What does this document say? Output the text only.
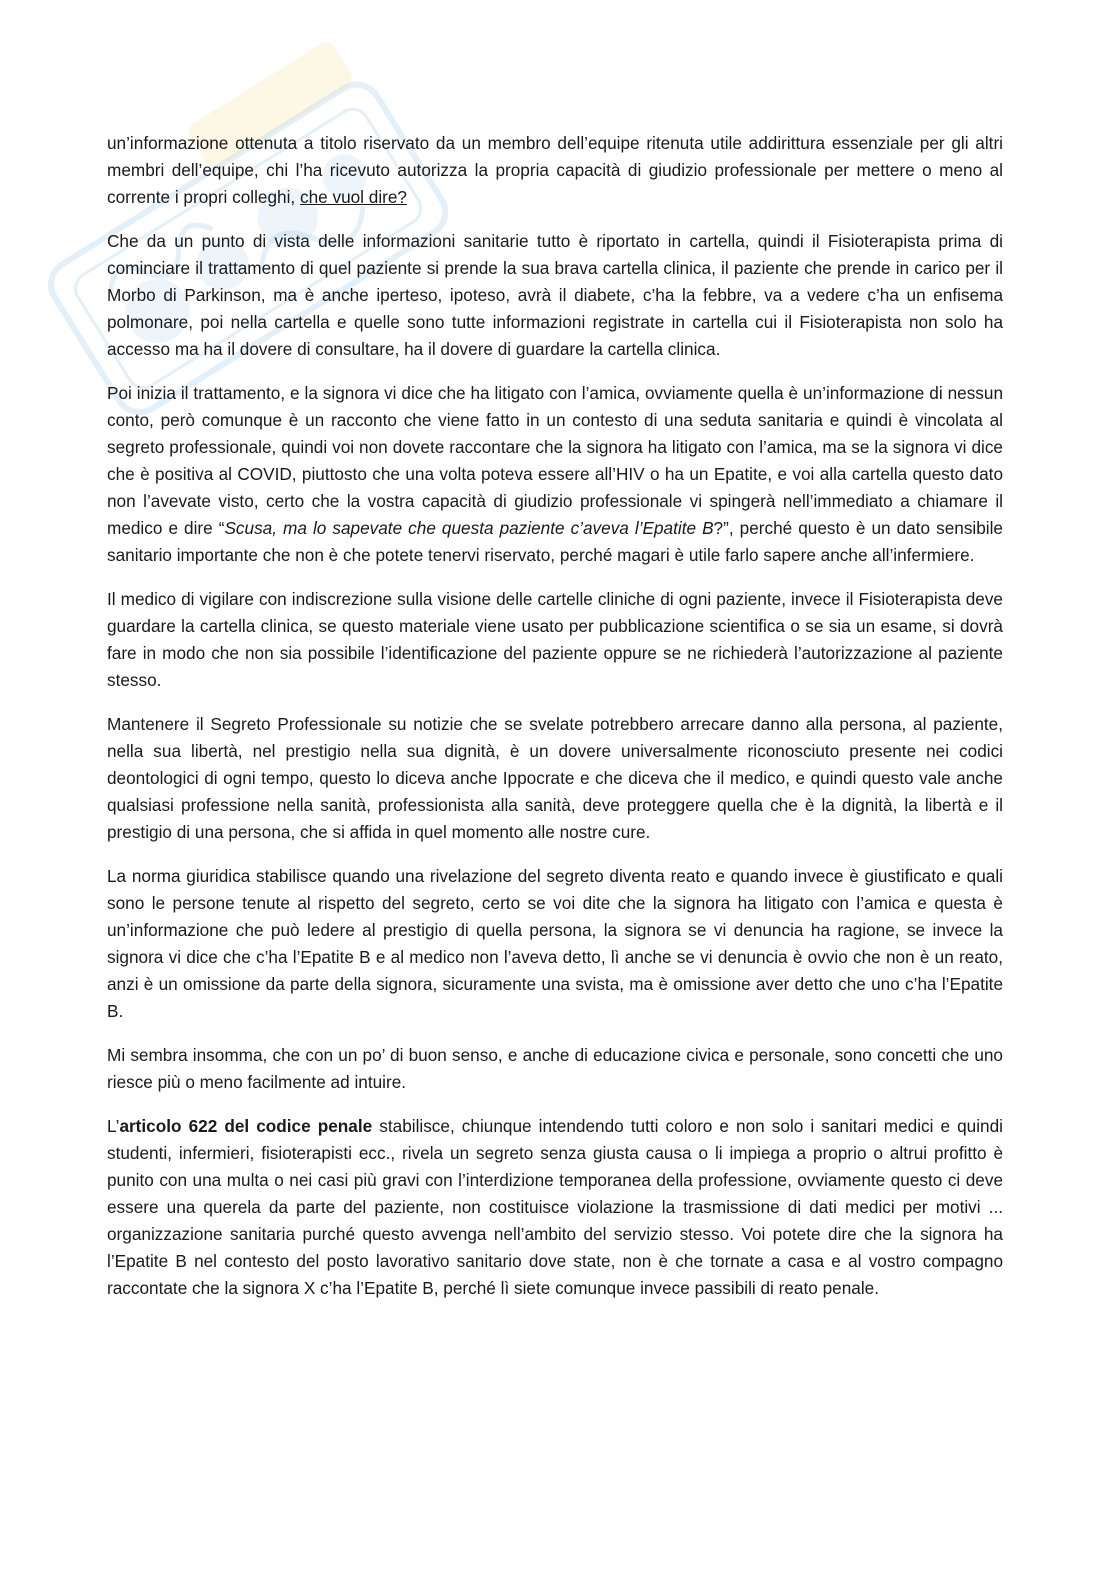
un’informazione ottenuta a titolo riservato da un membro dell’equipe ritenuta utile addirittura essenziale per gli altri membri dell’equipe, chi l’ha ricevuto autorizza la propria capacità di giudizio professionale per mettere o meno al corrente i propri colleghi, che vuol dire?

Che da un punto di vista delle informazioni sanitarie tutto è riportato in cartella, quindi il Fisioterapista prima di cominciare il trattamento di quel paziente si prende la sua brava cartella clinica, il paziente che prende in carico per il Morbo di Parkinson, ma è anche iperteso, ipoteso, avrà il diabete, c’ha la febbre, va a vedere c’ha un enfisema polmonare, poi nella cartella e quelle sono tutte informazioni registrate in cartella cui il Fisioterapista non solo ha accesso ma ha il dovere di consultare, ha il dovere di guardare la cartella clinica.

Poi inizia il trattamento, e la signora vi dice che ha litigato con l’amica, ovviamente quella è un’informazione di nessun conto, però comunque è un racconto che viene fatto in un contesto di una seduta sanitaria e quindi è vincolata al segreto professionale, quindi voi non dovete raccontare che la signora ha litigato con l’amica, ma se la signora vi dice che è positiva al COVID, piuttosto che una volta poteva essere all’HIV o ha un Epatite, e voi alla cartella questo dato non l’avevate visto, certo che la vostra capacità di giudizio professionale vi spingerà nell’immediato a chiamare il medico e dire “Scusa, ma lo sapevate che questa paziente c’aveva l’Epatite B?”, perché questo è un dato sensibile sanitario importante che non è che potete tenervi riservato, perché magari è utile farlo sapere anche all’infermiere.

Il medico di vigilare con indiscrezione sulla visione delle cartelle cliniche di ogni paziente, invece il Fisioterapista deve guardare la cartella clinica, se questo materiale viene usato per pubblicazione scientifica o se sia un esame, si dovrà fare in modo che non sia possibile l’identificazione del paziente oppure se ne richiederà l’autorizzazione al paziente stesso.

Mantenere il Segreto Professionale su notizie che se svelate potrebbero arrecare danno alla persona, al paziente, nella sua libertà, nel prestigio nella sua dignità, è un dovere universalmente riconosciuto presente nei codici deontologici di ogni tempo, questo lo diceva anche Ippocrate e che diceva che il medico, e quindi questo vale anche qualsiasi professione nella sanità, professionista alla sanità, deve proteggere quella che è la dignità, la libertà e il prestigio di una persona, che si affida in quel momento alle nostre cure.

La norma giuridica stabilisce quando una rivelazione del segreto diventa reato e quando invece è giustificato e quali sono le persone tenute al rispetto del segreto, certo se voi dite che la signora ha litigato con l’amica e questa è un’informazione che può ledere al prestigio di quella persona, la signora se vi denuncia ha ragione, se invece la signora vi dice che c’ha l’Epatite B e al medico non l’aveva detto, lì anche se vi denuncia è ovvio che non è un reato, anzi è un omissione da parte della signora, sicuramente una svista, ma è omissione aver detto che uno c’ha l’Epatite B.

Mi sembra insomma, che con un po’ di buon senso, e anche di educazione civica e personale, sono concetti che uno riesce più o meno facilmente ad intuire.

L’articolo 622 del codice penale stabilisce, chiunque intendendo tutti coloro e non solo i sanitari medici e quindi studenti, infermieri, fisioterapisti ecc., rivela un segreto senza giusta causa o li impiega a proprio o altrui profitto è punito con una multa o nei casi più gravi con l’interdizione temporanea della professione, ovviamente questo ci deve essere una querela da parte del paziente, non costituisce violazione la trasmissione di dati medici per motivi ... organizzazione sanitaria purché questo avvenga nell’ambito del servizio stesso. Voi potete dire che la signora ha l’Epatite B nel contesto del posto lavorativo sanitario dove state, non è che tornate a casa e al vostro compagno raccontate che la signora X c’ha l’Epatite B, perché lì siete comunque invece passibili di reato penale.
